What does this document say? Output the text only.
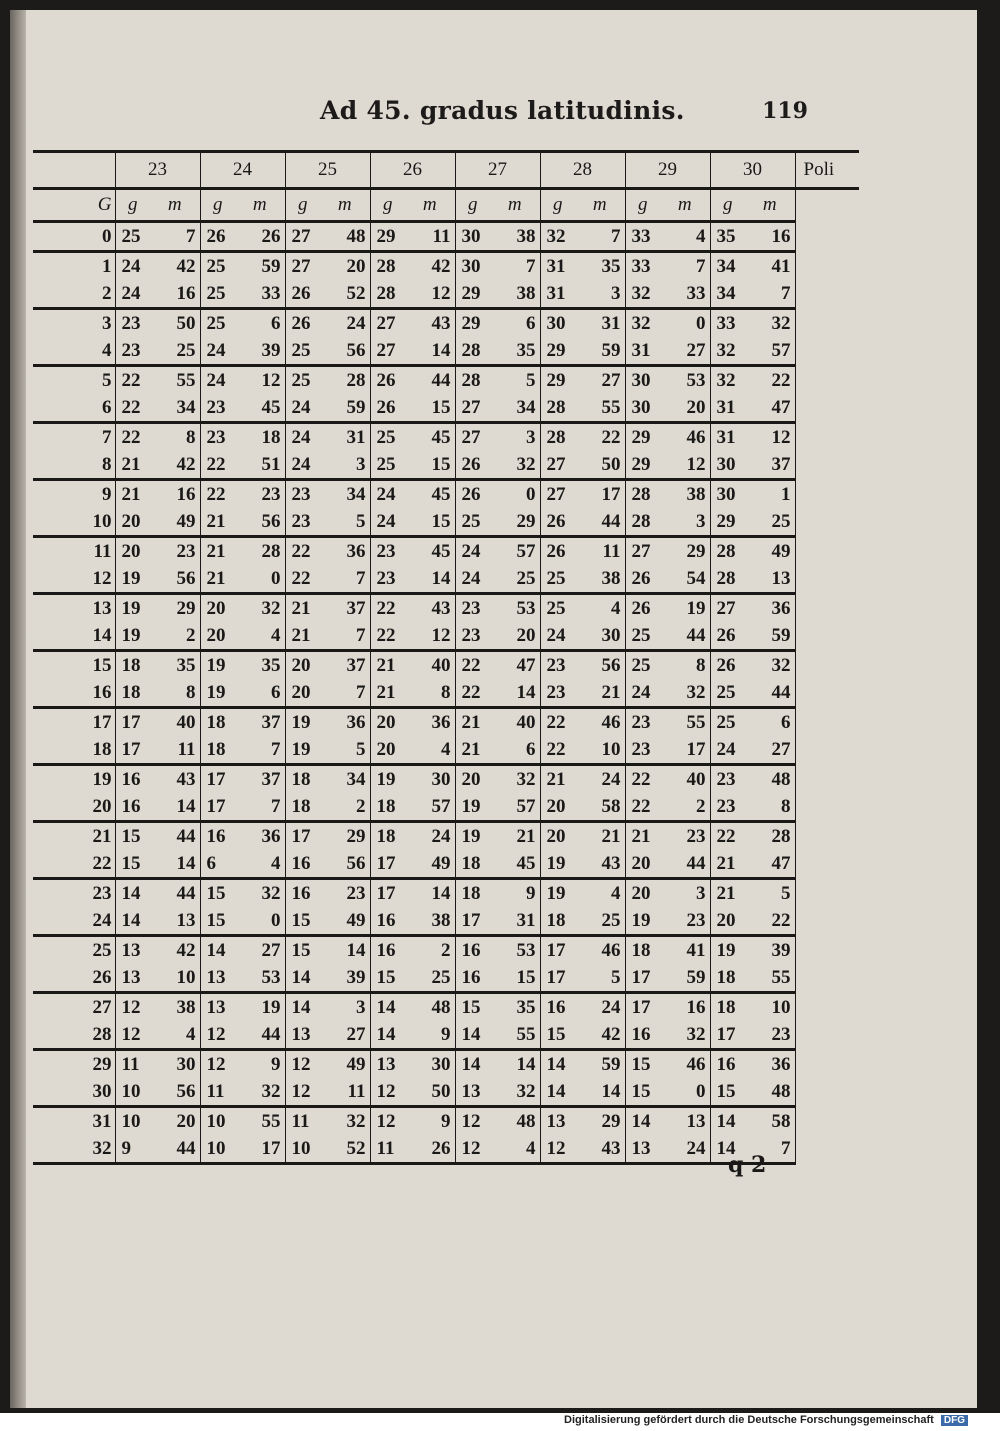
Ad 45. gradus latitudinis.	119
	23		24		25		26		27		28		29		30		Poli
G	g	m	g	m	g	m	g	m	g	m	g	m	g	m	g	m	
0	25	7	26	26	27	48	29	11	30	38	32	7	33	4	35	16	
1	24	42	25	59	27	20	28	42	30	7	31	35	33	7	34	41	
2	24	16	25	33	26	52	28	12	29	38	31	3	32	33	34	7	
3	23	50	25	6	26	24	27	43	29	6	30	31	32	0	33	32	
4	23	25	24	39	25	56	27	14	28	35	29	59	31	27	32	57	
5	22	55	24	12	25	28	26	44	28	5	29	27	30	53	32	22	
6	22	34	23	45	24	59	26	15	27	34	28	55	30	20	31	47	
7	22	8	23	18	24	31	25	45	27	3	28	22	29	46	31	12	
8	21	42	22	51	24	3	25	15	26	32	27	50	29	12	30	37	
9	21	16	22	23	23	34	24	45	26	0	27	17	28	38	30	1	
10	20	49	21	56	23	5	24	15	25	29	26	44	28	3	29	25	
11	20	23	21	28	22	36	23	45	24	57	26	11	27	29	28	49	
12	19	56	21	0	22	7	23	14	24	25	25	38	26	54	28	13	
13	19	29	20	32	21	37	22	43	23	53	25	4	26	19	27	36	
14	19	2	20	4	21	7	22	12	23	20	24	30	25	44	26	59	
15	18	35	19	35	20	37	21	40	22	47	23	56	25	8	26	32	
16	18	8	19	6	20	7	21	8	22	14	23	21	24	32	25	44	
17	17	40	18	37	19	36	20	36	21	40	22	46	23	55	25	6	
18	17	11	18	7	19	5	20	4	21	6	22	10	23	17	24	27	
19	16	43	17	37	18	34	19	30	20	32	21	24	22	40	23	48	
20	16	14	17	7	18	2	18	57	19	57	20	58	22	2	23	8	
21	15	44	16	36	17	29	18	24	19	21	20	21	21	23	22	28	
22	15	14	6	4	16	56	17	49	18	45	19	43	20	44	21	47	
23	14	44	15	32	16	23	17	14	18	9	19	4	20	3	21	5	
24	14	13	15	0	15	49	16	38	17	31	18	25	19	23	20	22	
25	13	42	14	27	15	14	16	2	16	53	17	46	18	41	19	39	
26	13	10	13	53	14	39	15	25	16	15	17	5	17	59	18	55	
27	12	38	13	19	14	3	14	48	15	35	16	24	17	16	18	10	
28	12	4	12	44	13	27	14	9	14	55	15	42	16	32	17	23	
29	11	30	12	9	12	49	13	30	14	14	14	59	15	46	16	36	
30	10	56	11	32	12	11	12	50	13	32	14	14	15	0	15	48	
31	10	20	10	55	11	32	12	9	12	48	13	29	14	13	14	58	
32	9	44	10	17	10	52	11	26	12	4	12	43	13	24	14	7	
q 2
Digitalisierung gefördert durch die Deutsche Forschungsgemeinschaft DFG
